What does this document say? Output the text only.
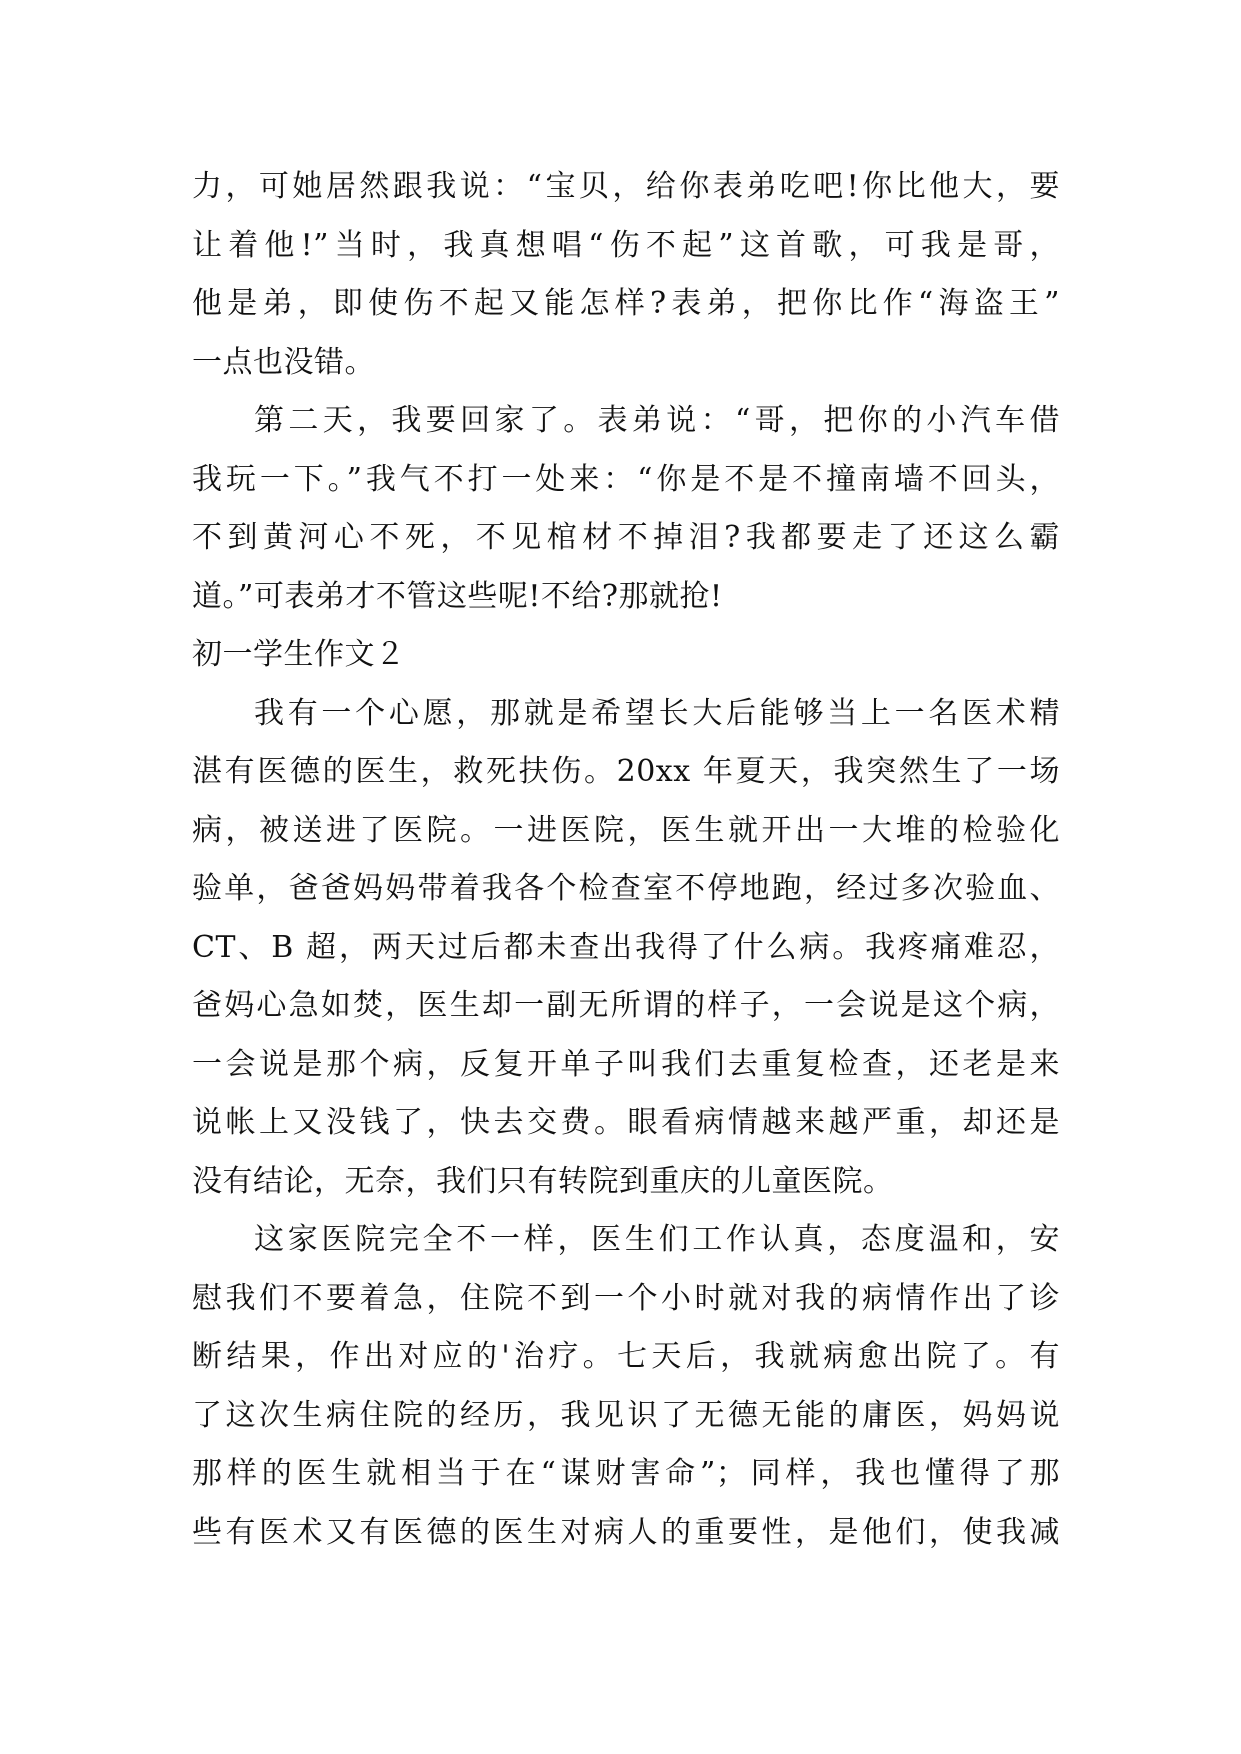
力，可她居然跟我说：“宝贝，给你表弟吃吧!你比他大，要
让着他!”当时，我真想唱“伤不起”这首歌，可我是哥，
他是弟，即使伤不起又能怎样?表弟，把你比作“海盗王”
一点也没错。
第二天，我要回家了。表弟说：“哥，把你的小汽车借
我玩一下。”我气不打一处来：“你是不是不撞南墙不回头，
不到黄河心不死，不见棺材不掉泪?我都要走了还这么霸
道。”可表弟才不管这些呢!不给?那就抢!
初一学生作文２
我有一个心愿，那就是希望长大后能够当上一名医术精
湛有医德的医生，救死扶伤。20xx 年夏天，我突然生了一场
病，被送进了医院。一进医院，医生就开出一大堆的检验化
验单，爸爸妈妈带着我各个检查室不停地跑，经过多次验血、
CT、B 超，两天过后都未查出我得了什么病。我疼痛难忍，
爸妈心急如焚，医生却一副无所谓的样子，一会说是这个病，
一会说是那个病，反复开单子叫我们去重复检查，还老是来
说帐上又没钱了，快去交费。眼看病情越来越严重，却还是
没有结论，无奈，我们只有转院到重庆的儿童医院。
这家医院完全不一样，医生们工作认真，态度温和，安
慰我们不要着急，住院不到一个小时就对我的病情作出了诊
断结果，作出对应的'治疗。七天后，我就病愈出院了。有
了这次生病住院的经历，我见识了无德无能的庸医，妈妈说
那样的医生就相当于在“谋财害命”；同样，我也懂得了那
些有医术又有医德的医生对病人的重要性，是他们，使我减
